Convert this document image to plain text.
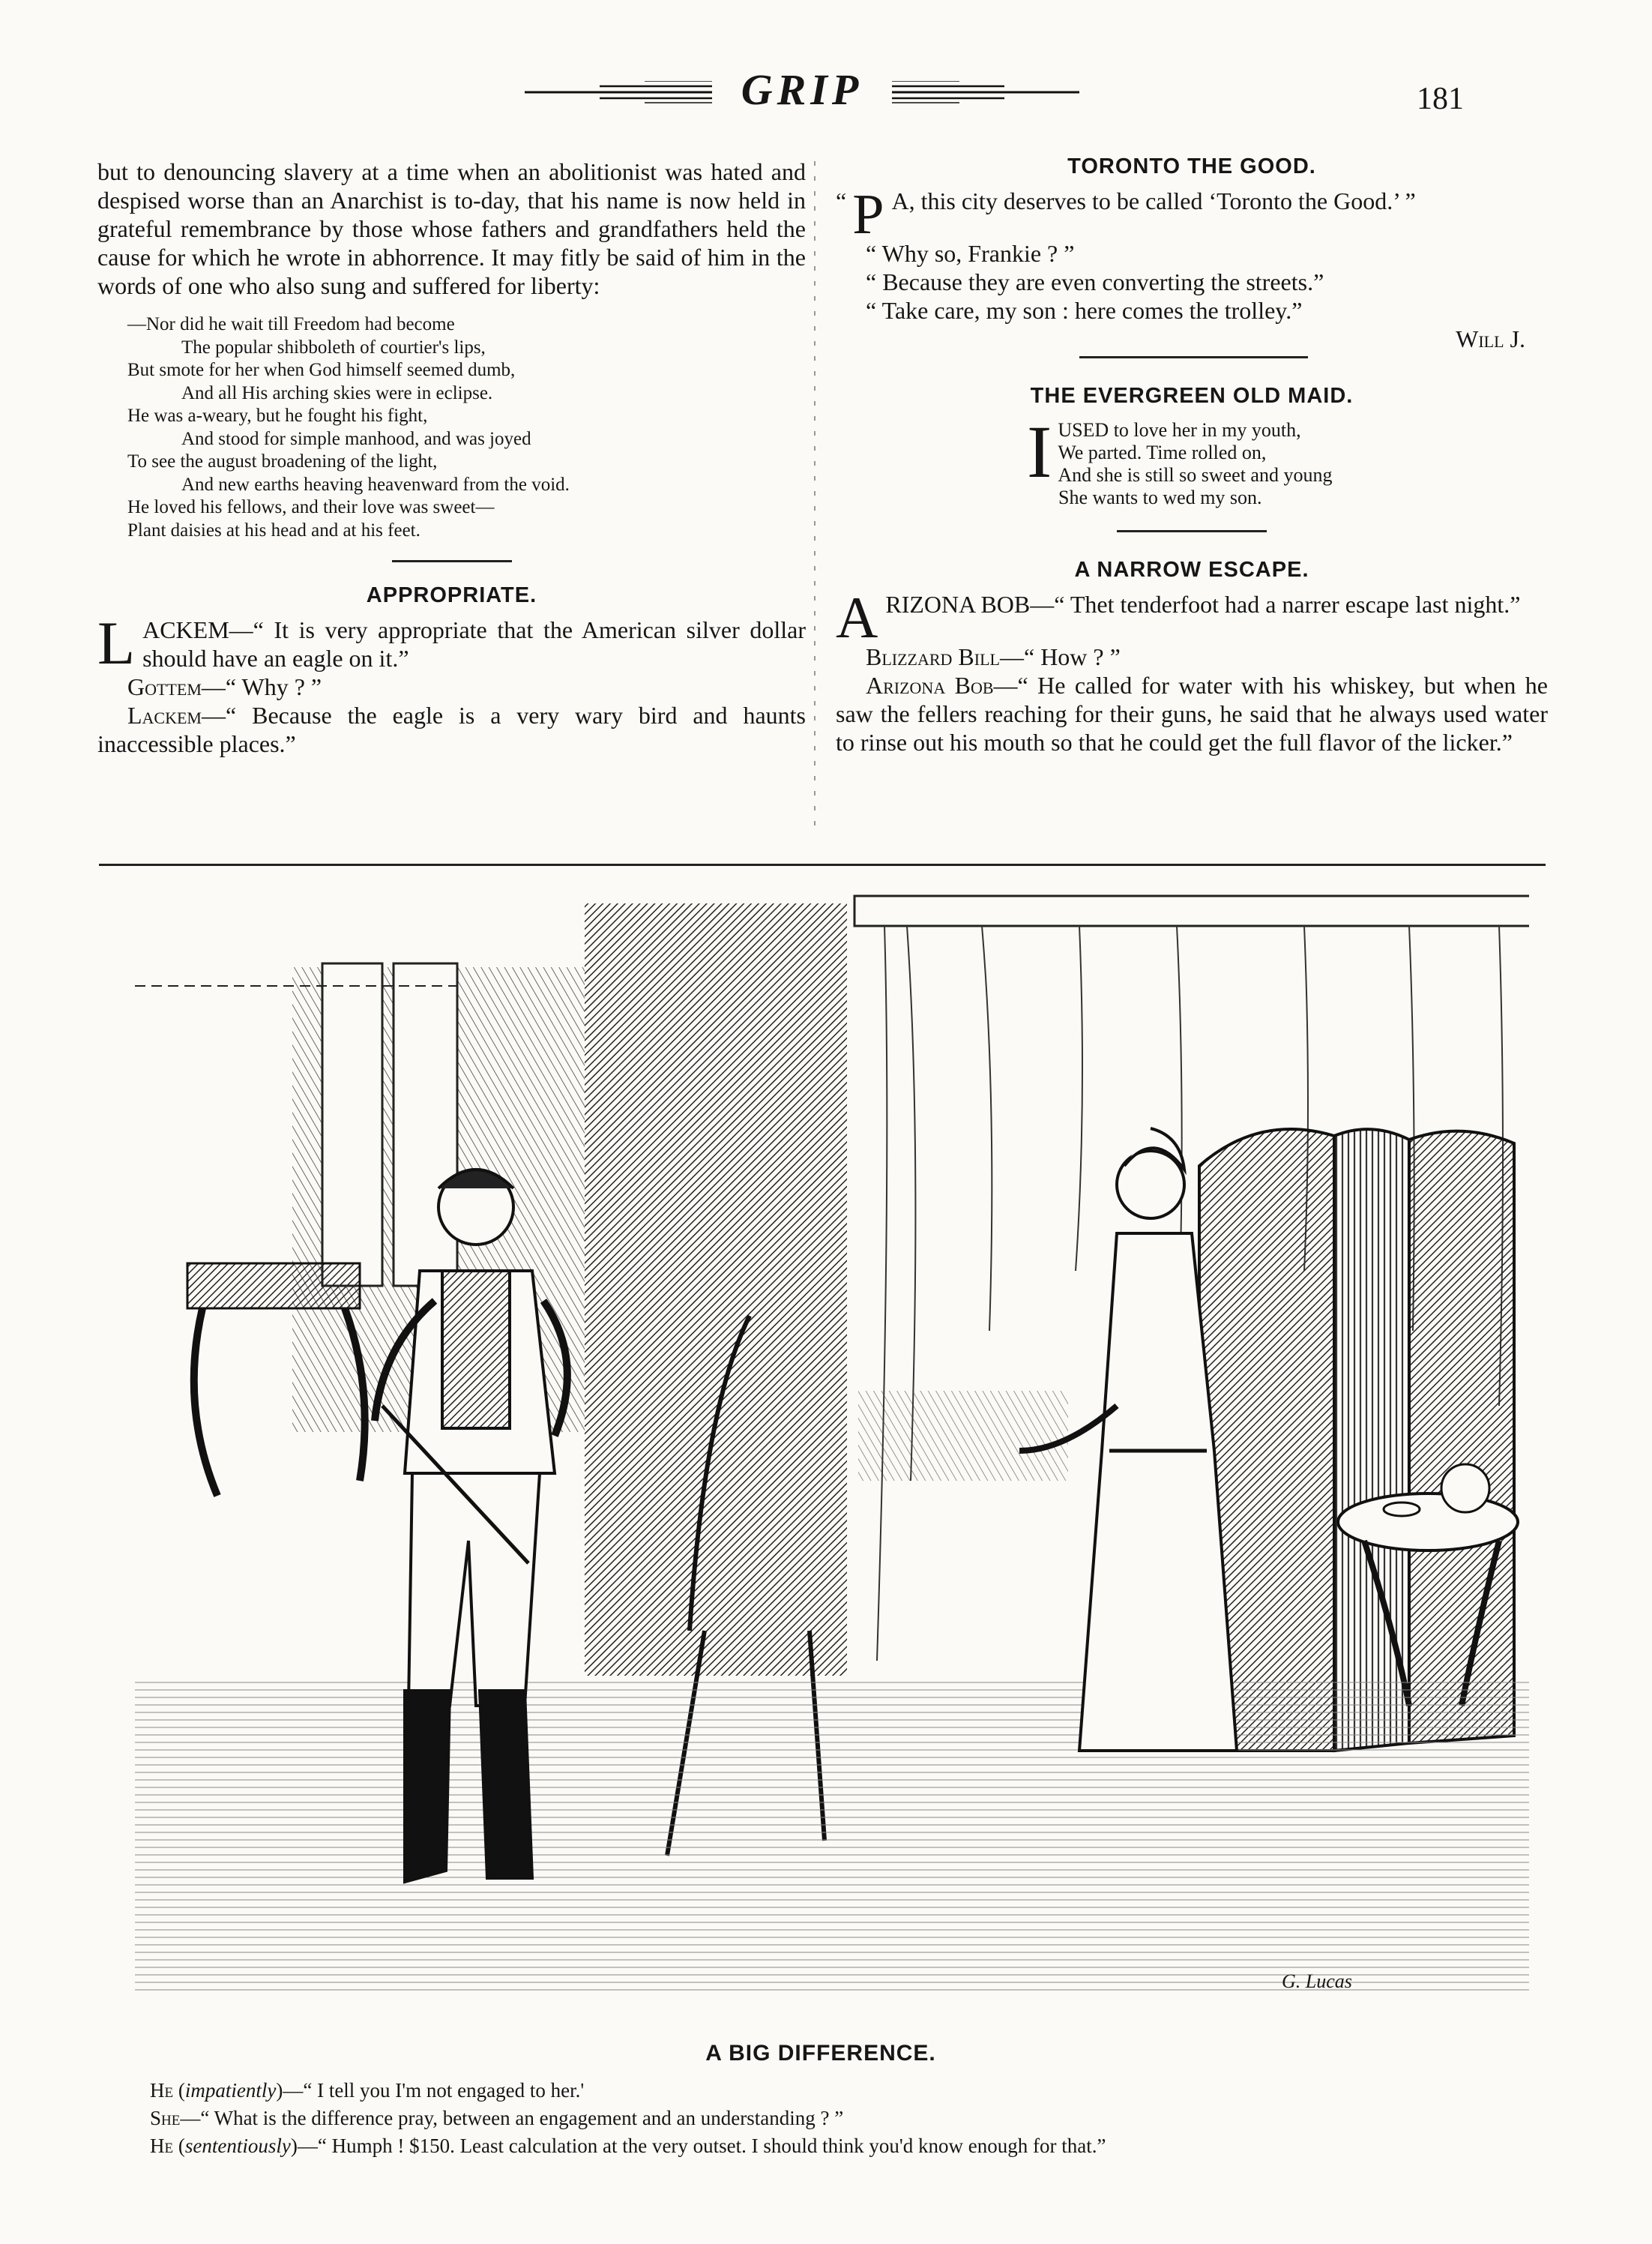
GRIP	181

but to denouncing slavery at a time when an abolitionist was hated and despised worse than an Anarchist is to-day, that his name is now held in grateful remembrance by those whose fathers and grandfathers held the cause for which he wrote in abhorrence. It may fitly be said of him in the words of one who also sung and suffered for liberty:

—Nor did he wait till Freedom had become
The popular shibboleth of courtier's lips,
But smote for her when God himself seemed dumb,
And all His arching skies were in eclipse.
He was a-weary, but he fought his fight,
And stood for simple manhood, and was joyed
To see the august broadening of the light,
And new earths heaving heavenward from the void.
He loved his fellows, and their love was sweet—
Plant daisies at his head and at his feet.
APPROPRIATE.

LACKEM—“ It is very appropriate that the American silver dollar should have an eagle on it.”

Gottem—“ Why ? ”

Lackem—“ Because the eagle is a very wary bird and haunts inaccessible places.”

TORONTO THE GOOD.

“ P A, this city deserves to be called ‘Toronto the Good.’ ”

“ Why so, Frankie ? ”

“ Because they are even converting the streets.”

“ Take care, my son : here comes the trolley.”

Will J.

THE EVERGREEN OLD MAID.
I USED to love her in my youth,
We parted. Time rolled on,
And she is still so sweet and young
She wants to wed my son.
A NARROW ESCAPE.

ARIZONA BOB—“ Thet tenderfoot had a narrer escape last night.”

Blizzard Bill—“ How ? ”

Arizona Bob—“ He called for water with his whiskey, but when he saw the fellers reaching for their guns, he said that he always used water to rinse out his mouth so that he could get the full flavor of the licker.”

G. Lucas
A BIG DIFFERENCE.

He (impatiently)—“ I tell you I'm not engaged to her.'

She—“ What is the difference pray, between an engagement and an understanding ? ”

He (sententiously)—“ Humph ! $150. Least calculation at the very outset. I should think you'd know enough for that.”
